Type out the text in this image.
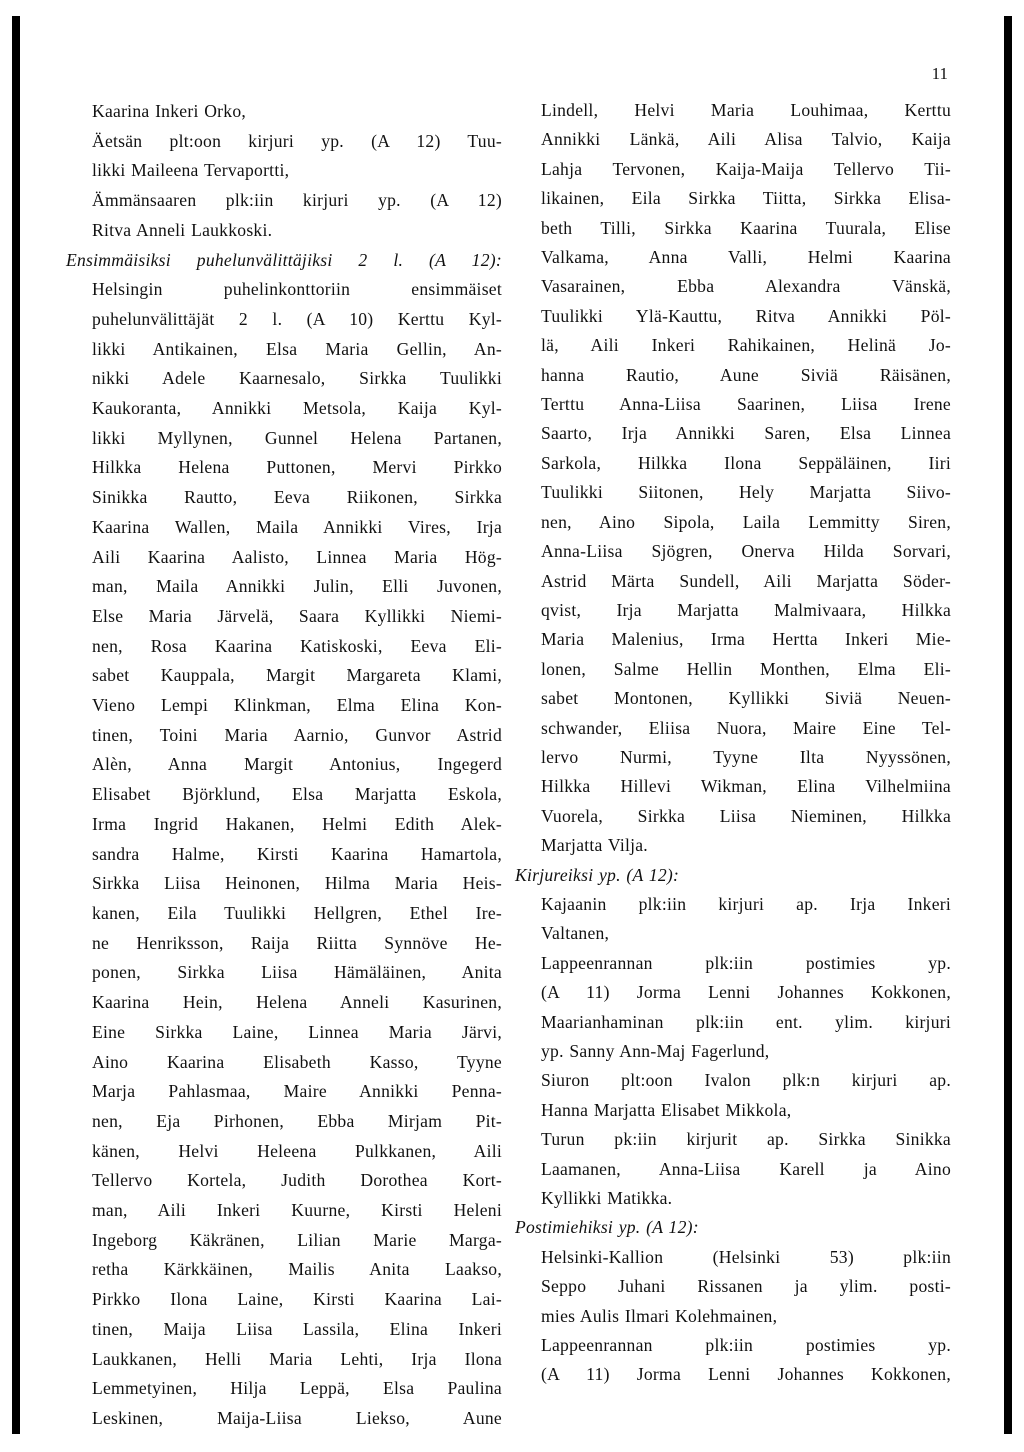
11
Kaarina Inkeri Orko,
Äetsän plt:oon kirjuri yp. (A 12) Tuu-
likki Maileena Tervaportti,
Ämmänsaaren plk:iin kirjuri yp. (A 12)
Ritva Anneli Laukkoski.
Ensimmäisiksi puhelunvälittäjiksi 2 l. (A 12):
Helsingin puhelinkonttoriin ensimmäiset
puhelunvälittäjät 2 l. (A 10) Kerttu Kyl-
likki Antikainen, Elsa Maria Gellin, An-
nikki Adele Kaarnesalo, Sirkka Tuulikki
Kaukoranta, Annikki Metsola, Kaija Kyl-
likki Myllynen, Gunnel Helena Partanen,
Hilkka Helena Puttonen, Mervi Pirkko
Sinikka Rautto, Eeva Riikonen, Sirkka
Kaarina Wallen, Maila Annikki Vires, Irja
Aili Kaarina Aalisto, Linnea Maria Hög-
man, Maila Annikki Julin, Elli Juvonen,
Else Maria Järvelä, Saara Kyllikki Niemi-
nen, Rosa Kaarina Katiskoski, Eeva Eli-
sabet Kauppala, Margit Margareta Klami,
Vieno Lempi Klinkman, Elma Elina Kon-
tinen, Toini Maria Aarnio, Gunvor Astrid
Alèn, Anna Margit Antonius, Ingegerd
Elisabet Björklund, Elsa Marjatta Eskola,
Irma Ingrid Hakanen, Helmi Edith Alek-
sandra Halme, Kirsti Kaarina Hamartola,
Sirkka Liisa Heinonen, Hilma Maria Heis-
kanen, Eila Tuulikki Hellgren, Ethel Ire-
ne Henriksson, Raija Riitta Synnöve He-
ponen, Sirkka Liisa Hämäläinen, Anita
Kaarina Hein, Helena Anneli Kasurinen,
Eine Sirkka Laine, Linnea Maria Järvi,
Aino Kaarina Elisabeth Kasso, Tyyne
Marja Pahlasmaa, Maire Annikki Penna-
nen, Eja Pirhonen, Ebba Mirjam Pit-
känen, Helvi Heleena Pulkkanen, Aili
Tellervo Kortela, Judith Dorothea Kort-
man, Aili Inkeri Kuurne, Kirsti Heleni
Ingeborg Käkränen, Lilian Marie Marga-
retha Kärkkäinen, Mailis Anita Laakso,
Pirkko Ilona Laine, Kirsti Kaarina Lai-
tinen, Maija Liisa Lassila, Elina Inkeri
Laukkanen, Helli Maria Lehti, Irja Ilona
Lemmetyinen, Hilja Leppä, Elsa Paulina
Leskinen, Maija-Liisa Liekso, Aune
Lindell, Helvi Maria Louhimaa, Kerttu
Annikki Länkä, Aili Alisa Talvio, Kaija
Lahja Tervonen, Kaija-Maija Tellervo Tii-
likainen, Eila Sirkka Tiitta, Sirkka Elisa-
beth Tilli, Sirkka Kaarina Tuurala, Elise
Valkama, Anna Valli, Helmi Kaarina
Vasarainen, Ebba Alexandra Vänskä,
Tuulikki Ylä-Kauttu, Ritva Annikki Pöl-
lä, Aili Inkeri Rahikainen, Helinä Jo-
hanna Rautio, Aune Siviä Räisänen,
Terttu Anna-Liisa Saarinen, Liisa Irene
Saarto, Irja Annikki Saren, Elsa Linnea
Sarkola, Hilkka Ilona Seppäläinen, Iiri
Tuulikki Siitonen, Hely Marjatta Siivo-
nen, Aino Sipola, Laila Lemmitty Siren,
Anna-Liisa Sjögren, Onerva Hilda Sorvari,
Astrid Märta Sundell, Aili Marjatta Söder-
qvist, Irja Marjatta Malmivaara, Hilkka
Maria Malenius, Irma Hertta Inkeri Mie-
lonen, Salme Hellin Monthen, Elma Eli-
sabet Montonen, Kyllikki Siviä Neuen-
schwander, Eliisa Nuora, Maire Eine Tel-
lervo Nurmi, Tyyne Ilta Nyyssönen,
Hilkka Hillevi Wikman, Elina Vilhelmiina
Vuorela, Sirkka Liisa Nieminen, Hilkka
Marjatta Vilja.
Kirjureiksi yp. (A 12):
Kajaanin plk:iin kirjuri ap. Irja Inkeri
Valtanen,
Lappeenrannan plk:iin postimies yp.
(A 11) Jorma Lenni Johannes Kokkonen,
Maarianhaminan plk:iin ent. ylim. kirjuri
yp. Sanny Ann-Maj Fagerlund,
Siuron plt:oon Ivalon plk:n kirjuri ap.
Hanna Marjatta Elisabet Mikkola,
Turun pk:iin kirjurit ap. Sirkka Sinikka
Laamanen, Anna-Liisa Karell ja Aino
Kyllikki Matikka.
Postimiehiksi yp. (A 12):
Helsinki-Kallion (Helsinki 53) plk:iin
Seppo Juhani Rissanen ja ylim. posti-
mies Aulis Ilmari Kolehmainen,
Lappeenrannan plk:iin postimies yp.
(A 11) Jorma Lenni Johannes Kokkonen,
